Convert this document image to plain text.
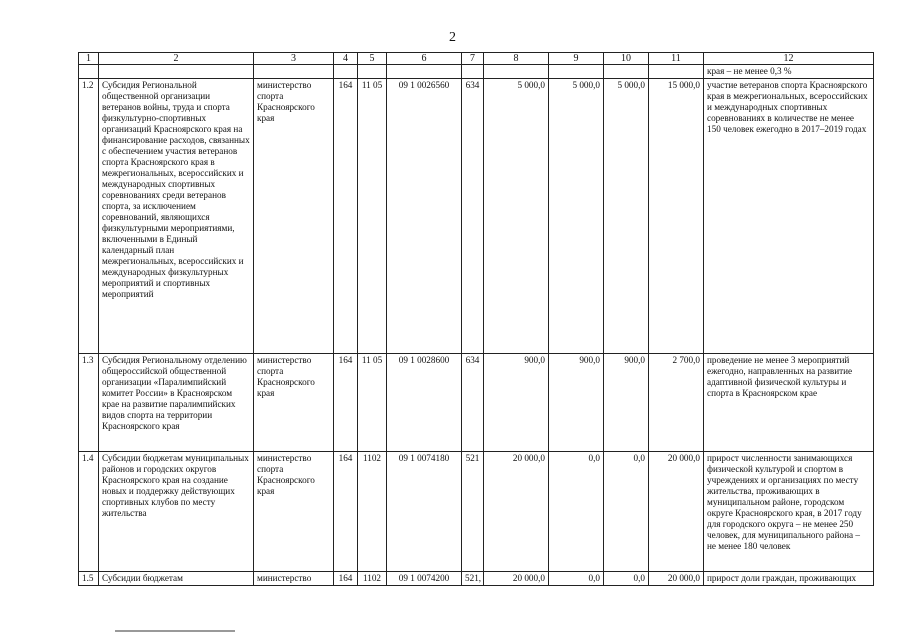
2
1	2	3	4	5	6	7	8	9	10	11	12
											края – не менее 0,3 %
1.2	Субсидия Региональной общественной организации ветеранов войны, труда и спорта физкультурно-спортивных организаций Красноярского края на финансирование расходов, связанных с обеспечением участия ветеранов спорта Красноярского края в межрегиональных, всероссийских и международных спортивных соревнованиях среди ветеранов спорта, за исключением соревнований, являющихся физкультурными мероприятиями, включенными в Единый календарный план межрегиональных, всероссийских и международных физкультурных мероприятий и спортивных мероприятий	министерство спорта Красноярского края	164	11 05	09 1 0026560	634	5 000,0	5 000,0	5 000,0	15 000,0	участие ветеранов спорта Красноярского края в межрегиональных, всероссийских и международных спортивных соревнованиях в количестве не менее 150 человек ежегодно в 2017–2019 годах
1.3	Субсидия Региональному отделению общероссийской общественной организации «Паралимпийский комитет России» в Красноярском крае на развитие паралимпийских видов спорта на территории Красноярского края	министерство спорта Красноярского края	164	11 05	09 1 0028600	634	900,0	900,0	900,0	2 700,0	проведение не менее 3 мероприятий ежегодно, направленных на развитие адаптивной физической культуры и спорта в Красноярском крае
1.4	Субсидии бюджетам муниципальных районов и городских округов Красноярского края на создание новых и поддержку действующих спортивных клубов по месту жительства	министерство спорта Красноярского края	164	1102	09 1 0074180	521	20 000,0	0,0	0,0	20 000,0	прирост численности занимающихся физической культурой и спортом в учреждениях и организациях по месту жительства, проживающих в муниципальном районе, городском округе Красноярского края, в 2017 году для городского округа – не менее 250 человек, для муниципального района – не менее 180 человек
1.5	Субсидии бюджетам	министерство	164	1102	09 1 0074200	521,	20 000,0	0,0	0,0	20 000,0	прирост доли граждан, проживающих
